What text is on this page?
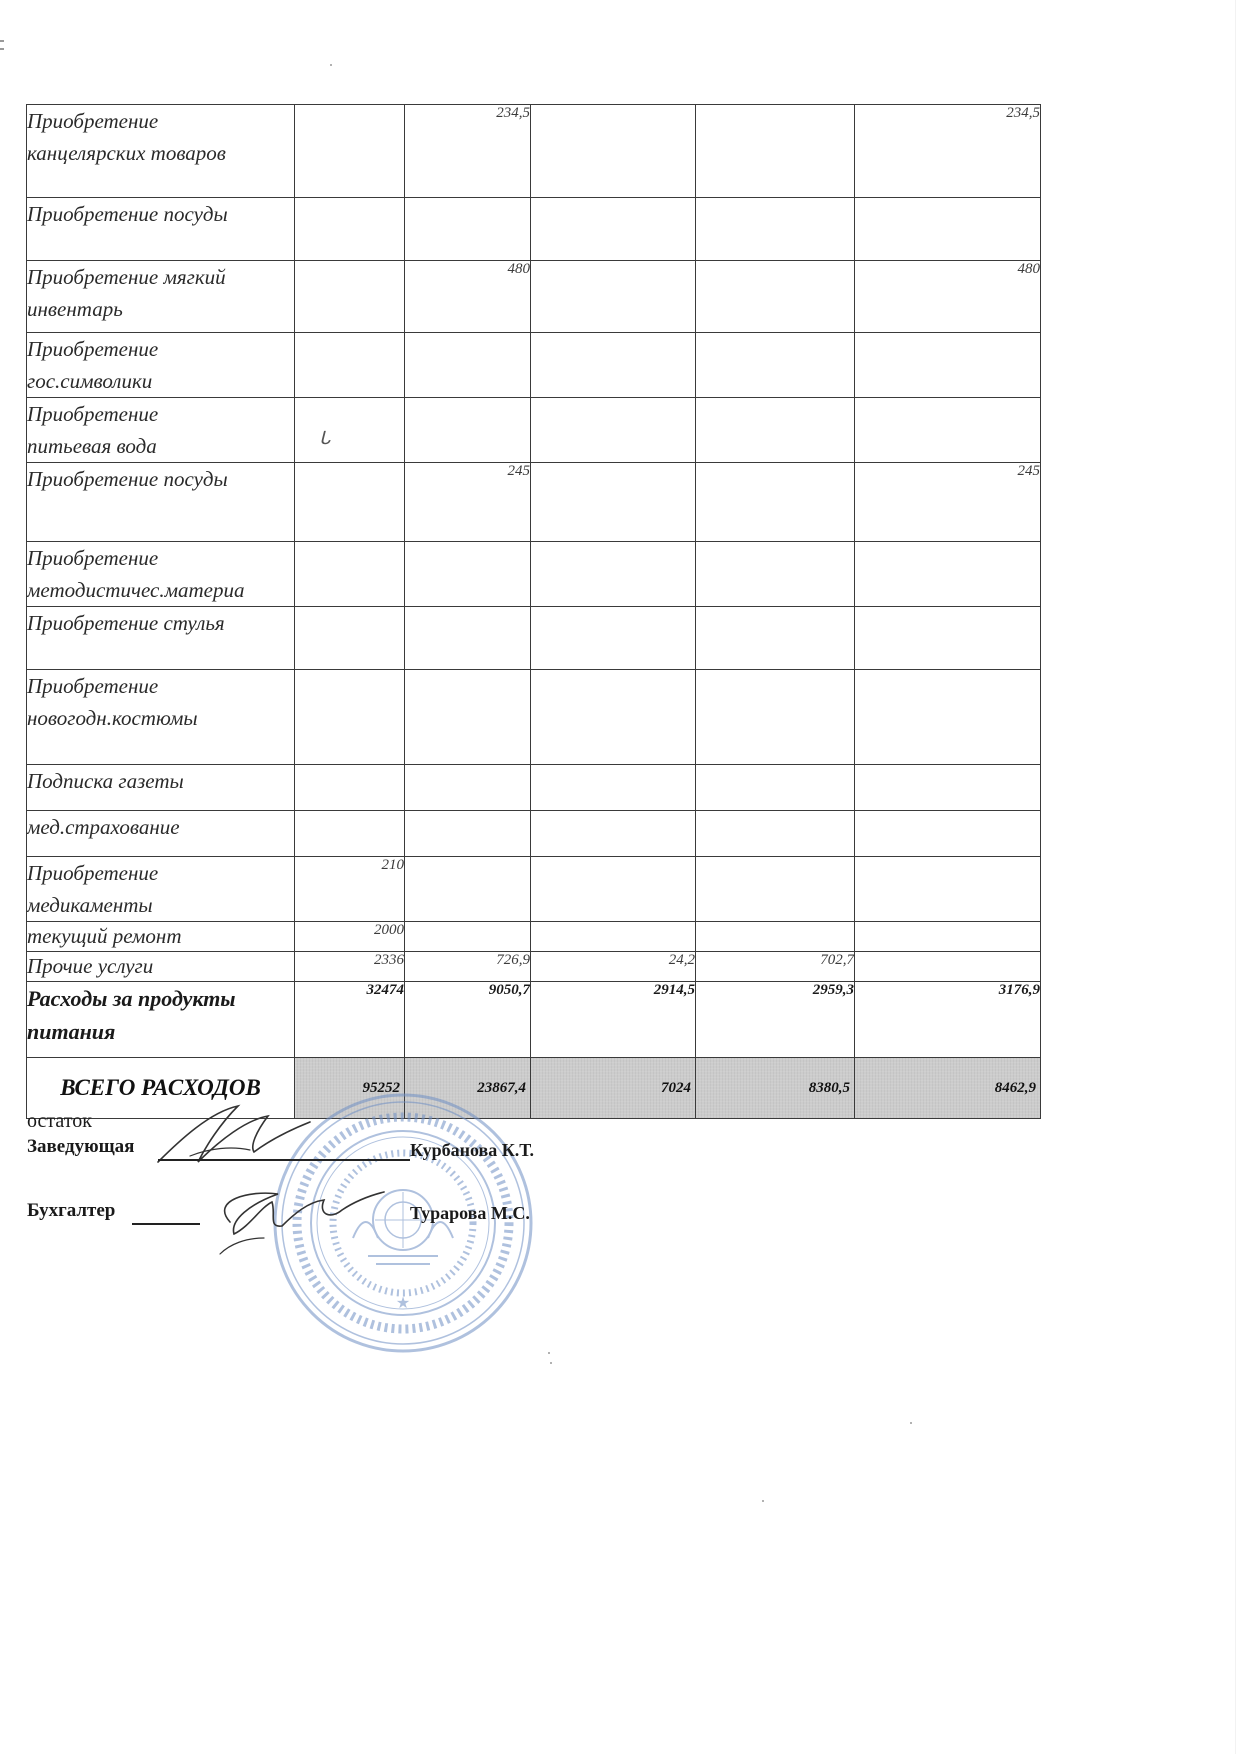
Приобретение
канцелярских товаров		234,5			234,5

Приобретение посуды					

Приобретение мягкий
инвентарь		480			480

Приобретение
гос.символики					

Приобретение
питьевая вода	ᒐ				

Приобретение посуды		245			245

Приобретение
методистичес.материа					

Приобретение стулья					

Приобретение
новогодн.костюмы					

Подписка газеты					

мед.страхование					

Приобретение
медикаменты	210				

текущий ремонт	2000				

Прочие услуги	2336	726,9	24,2	702,7	

Расходы за продукты
питания	32474	9050,7	2914,5	2959,3	3176,9
ВСЕГО РАСХОДОВ	95252	23867,4	7024	8380,5	8462,9
★
остаток
Заведующая	Курбанова К.Т.
Бухгалтер	Турарова М.С.
